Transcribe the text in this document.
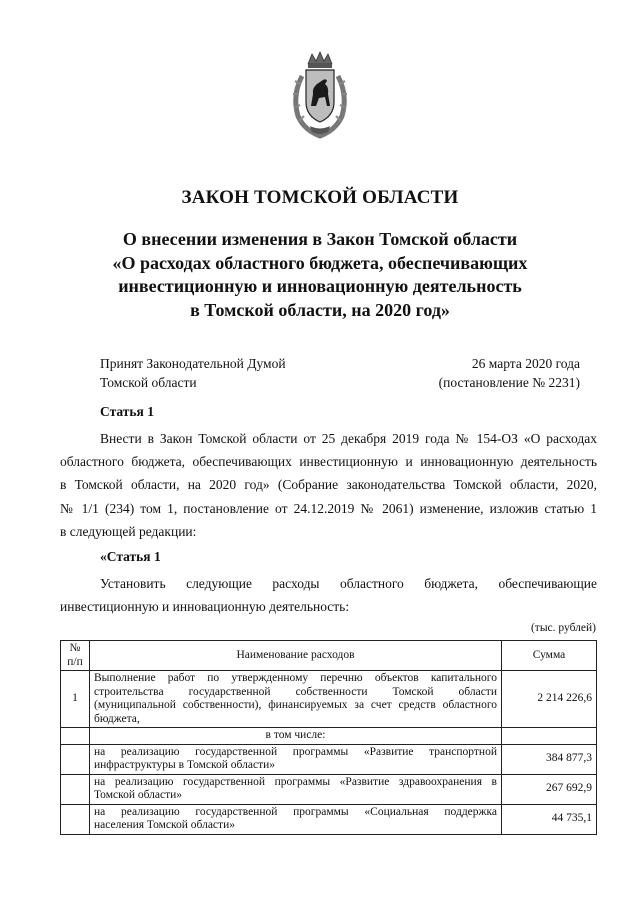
ЗАКОН ТОМСКОЙ ОБЛАСТИ
О внесении изменения в Закон Томской области
«О расходах областного бюджета, обеспечивающих
инвестиционную и инновационную деятельность
в Томской области, на 2020 год»
Принят Законодательной Думой
Томской области
26 марта 2020 года
(постановление № 2231)
Статья 1
Внести в Закон Томской области от 25 декабря 2019 года № 154-ОЗ «О расходах
областного бюджета, обеспечивающих инвестиционную и инновационную деятельность
в Томской области, на 2020 год» (Собрание законодательства Томской области, 2020,
№ 1/1 (234) том 1, постановление от 24.12.2019 № 2061) изменение, изложив статью 1
в следующей редакции:
«Статья 1
Установить следующие расходы областного бюджета, обеспечивающие
инвестиционную и инновационную деятельность:
(тыс. рублей)
№
п/п	Наименование расходов	Сумма
1	Выполнение работ по утвержденному перечню объектов капитального
строительства государственной собственности Томской области
(муниципальной собственности), финансируемых за счет средств областного
бюджета,	2 214 226,6
	в том числе:	

	на реализацию государственной программы «Развитие транспортной
инфраструктуры в Томской области»	384 877,3

	на реализацию государственной программы «Развитие здравоохранения в
Томской области»	267 692,9

	на реализацию государственной программы «Социальная поддержка
населения Томской области»	44 735,1
